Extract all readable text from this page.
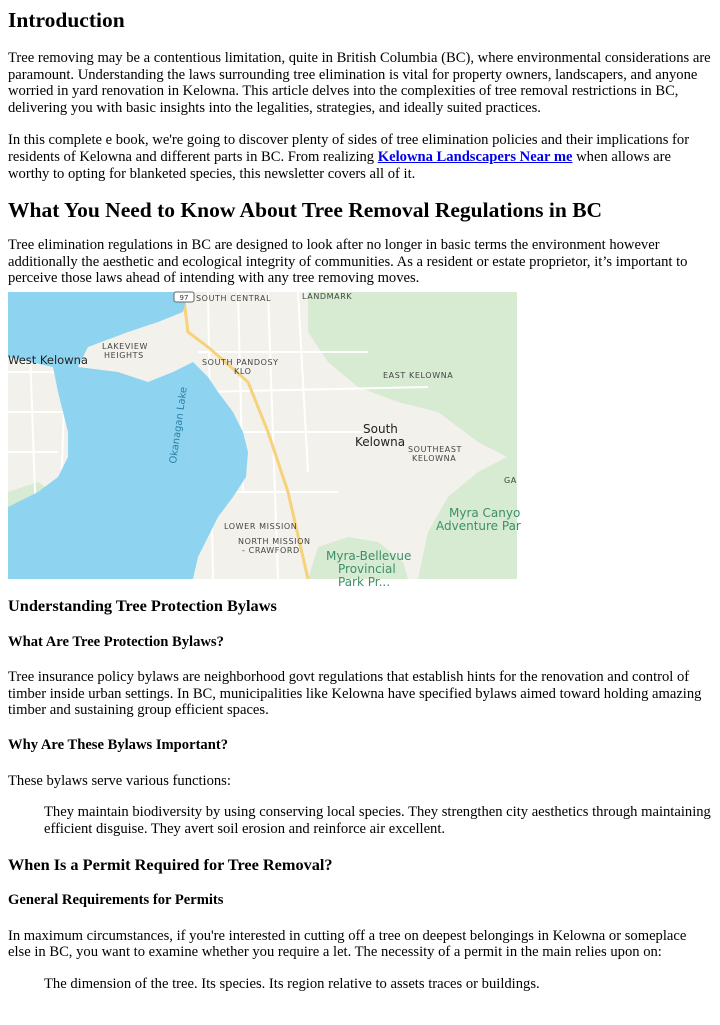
Introduction

Tree removing may be a contentious limitation, quite in British Columbia (BC), where environmental considerations are paramount. Understanding the laws surrounding tree elimination is vital for property owners, landscapers, and anyone worried in yard renovation in Kelowna. This article delves into the complexities of tree removal restrictions in BC, delivering you with basic insights into the legalities, strategies, and ideally suited practices.

In this complete e book, we're going to discover plenty of sides of tree elimination policies and their implications for residents of Kelowna and different parts in BC. From realizing Kelowna Landscapers Near me when allows are worthy to opting for blanketed species, this newsletter covers all of it.

What You Need to Know About Tree Removal Regulations in BC

Tree elimination regulations in BC are designed to look after no longer in basic terms the environment however additionally the aesthetic and ecological integrity of communities. As a resident or estate proprietor, it’s important to perceive those laws ahead of intending with any tree removing moves.

97 SOUTH CENTRAL	LANDMARK
LAKEVIEW
HEIGHTS
West Kelowna	SOUTH PANDOSY
KLO
Okanagan Lake
EAST KELOWNA
South
Kelowna
SOUTHEAST
KELOWNA
GA
Myra Canyo
Adventure Par
LOWER MISSION
NORTH MISSION
- CRAWFORD Myra-Bellevue
Provincial
Park Pr...
Understanding Tree Protection Bylaws
What Are Tree Protection Bylaws?

Tree insurance policy bylaws are neighborhood govt regulations that establish hints for the renovation and control of timber inside urban settings. In BC, municipalities like Kelowna have specified bylaws aimed toward holding amazing timber and sustaining group efficient spaces.

Why Are These Bylaws Important?

These bylaws serve various functions:

They maintain biodiversity by using conserving local species. They strengthen city aesthetics through maintaining efficient disguise. They avert soil erosion and reinforce air excellent.

When Is a Permit Required for Tree Removal?
General Requirements for Permits

In maximum circumstances, if you're interested in cutting off a tree on deepest belongings in Kelowna or someplace else in BC, you want to examine whether you require a let. The necessity of a permit in the main relies upon on:

The dimension of the tree. Its species. Its region relative to assets traces or buildings.
